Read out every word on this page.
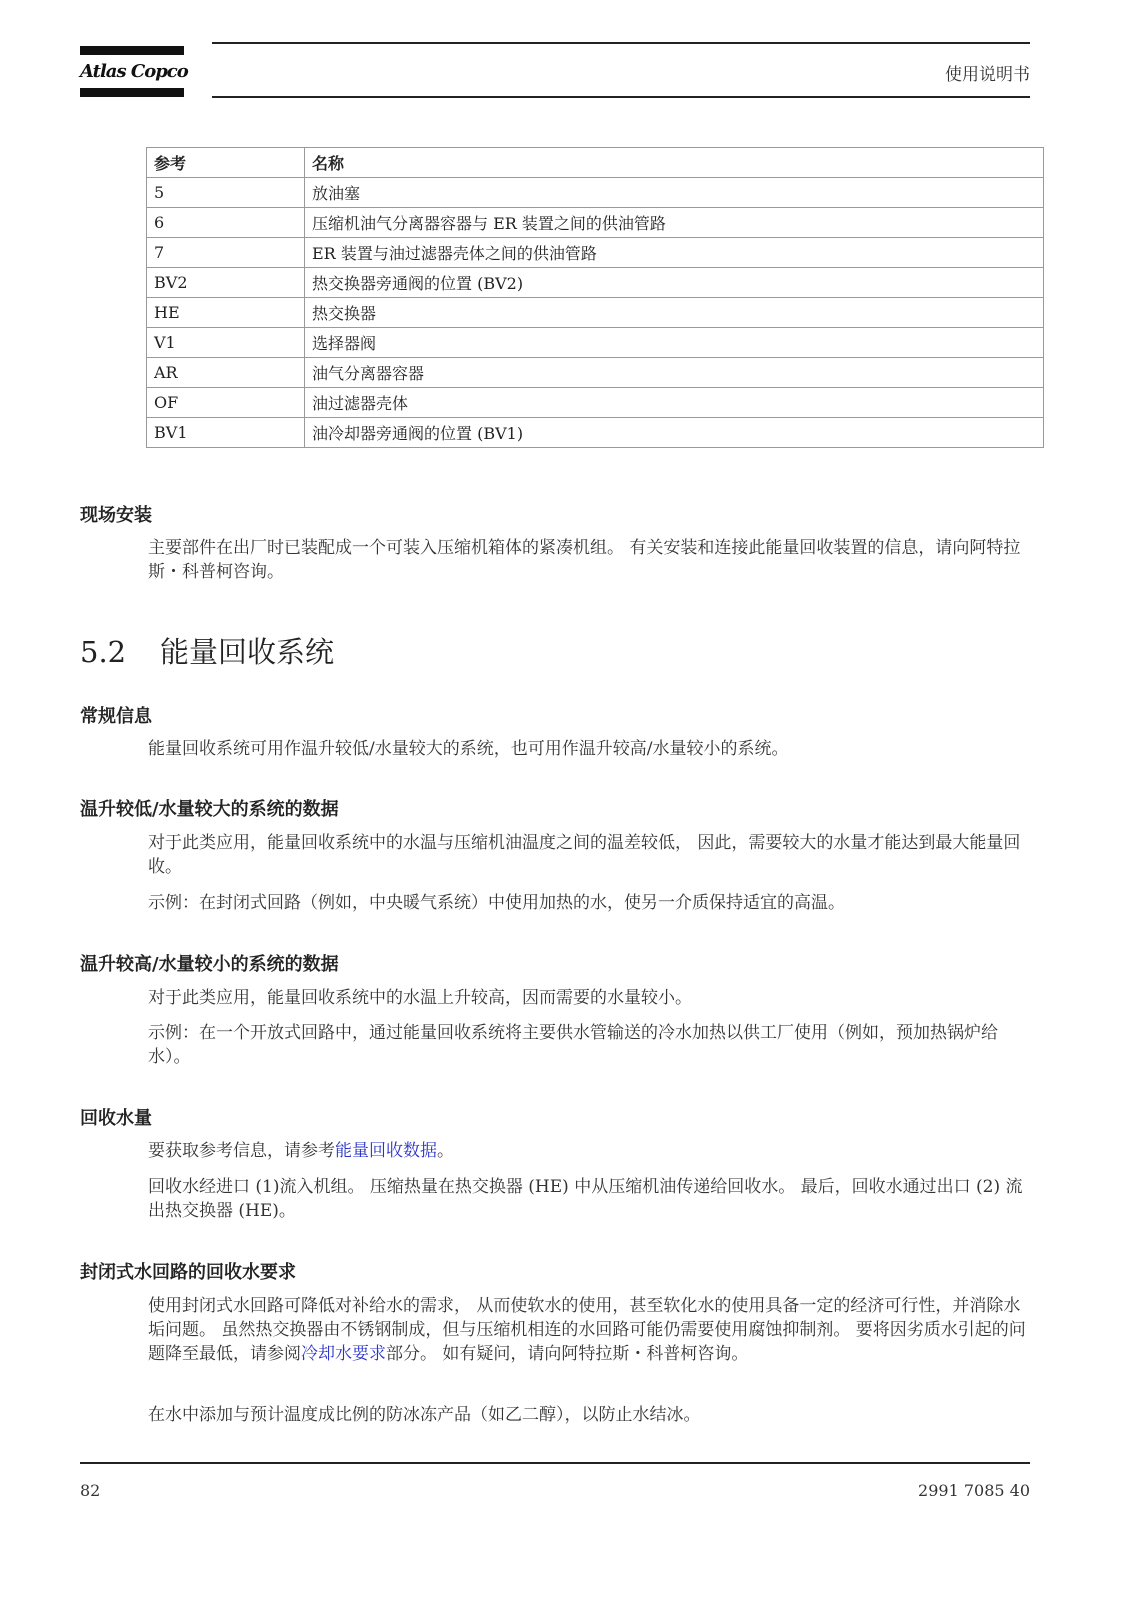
Atlas Copco	使用说明书
参考	名称
5	放油塞
6	压缩机油气分离器容器与 ER 装置之间的供油管路
7	ER 装置与油过滤器壳体之间的供油管路
BV2	热交换器旁通阀的位置 (BV2)
HE	热交换器
V1	选择器阀
AR	油气分离器容器
OF	油过滤器壳体
BV1	油冷却器旁通阀的位置 (BV1)
现场安装
主要部件在出厂时已装配成一个可装入压缩机箱体的紧凑机组。 有关安装和连接此能量回收装置的信息，请向阿特拉斯・科普柯咨询。
5.2 能量回收系统
常规信息
能量回收系统可用作温升较低/水量较大的系统，也可用作温升较高/水量较小的系统。
温升较低/水量较大的系统的数据
对于此类应用，能量回收系统中的水温与压缩机油温度之间的温差较低， 因此，需要较大的水量才能达到最大能量回收。
示例：在封闭式回路（例如，中央暖气系统）中使用加热的水，使另一介质保持适宜的高温。
温升较高/水量较小的系统的数据
对于此类应用，能量回收系统中的水温上升较高，因而需要的水量较小。
示例：在一个开放式回路中，通过能量回收系统将主要供水管输送的冷水加热以供工厂使用（例如，预加热锅炉给水）。
回收水量
要获取参考信息，请参考能量回收数据。
回收水经进口 (1)流入机组。 压缩热量在热交换器 (HE) 中从压缩机油传递给回收水。 最后，回收水通过出口 (2) 流出热交换器 (HE)。
封闭式水回路的回收水要求
使用封闭式水回路可降低对补给水的需求， 从而使软水的使用，甚至软化水的使用具备一定的经济可行性，并消除水垢问题。 虽然热交换器由不锈钢制成，但与压缩机相连的水回路可能仍需要使用腐蚀抑制剂。 要将因劣质水引起的问题降至最低，请参阅冷却水要求部分。 如有疑问，请向阿特拉斯・科普柯咨询。
在水中添加与预计温度成比例的防冰冻产品（如乙二醇），以防止水结冰。
82	2991 7085 40
